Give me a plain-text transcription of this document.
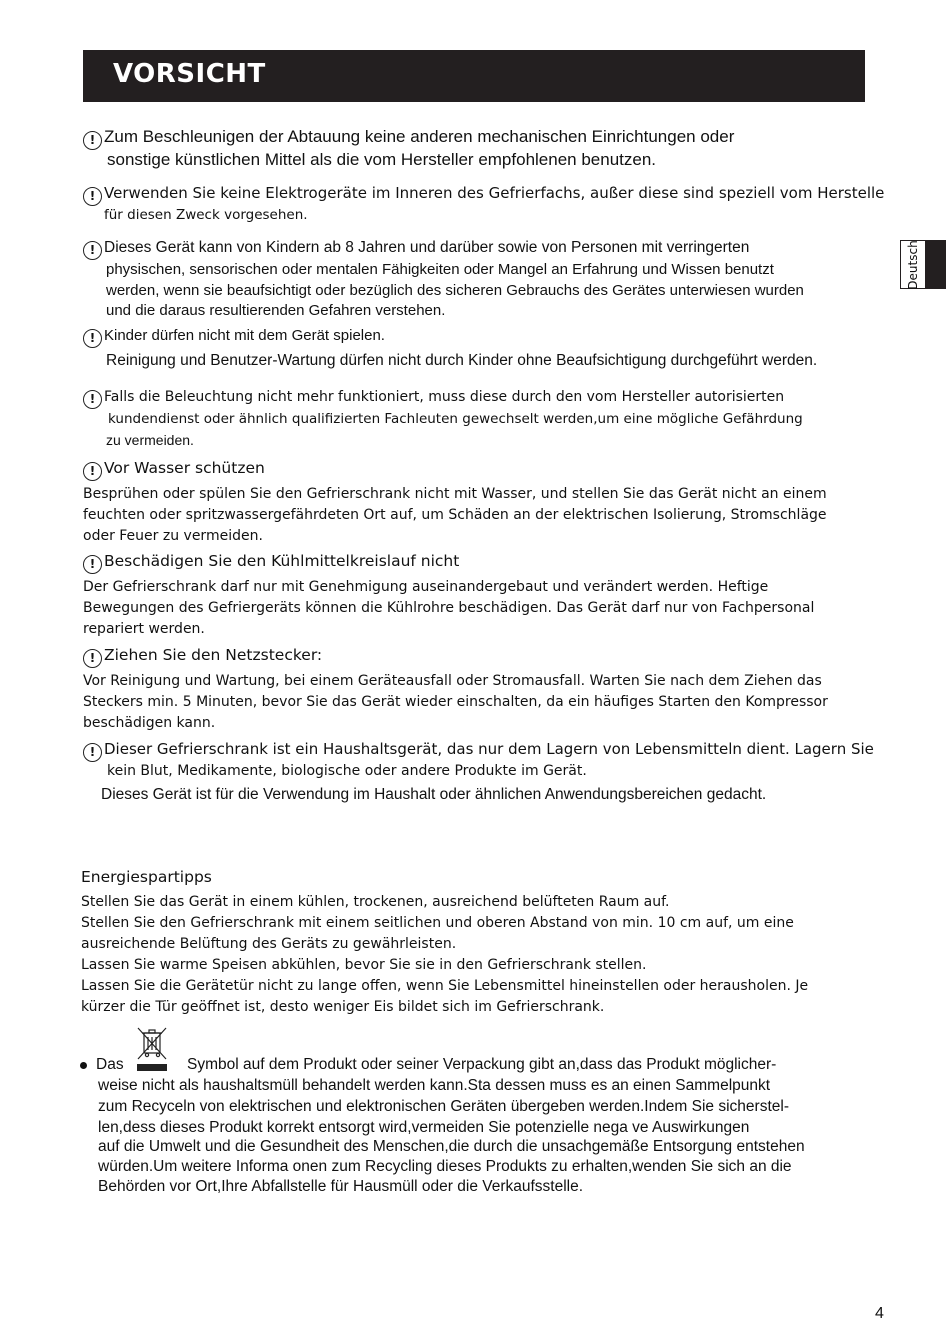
VORSICHT
Deutsch
! Zum Beschleunigen der Abtauung keine anderen mechanischen Einrichtungen oder
sonstige künstlichen Mittel als die vom Hersteller empfohlenen benutzen.
! Verwenden Sie keine Elektrogeräte im Inneren des Gefrierfachs, außer diese sind speziell vom Herstelle
für diesen Zweck vorgesehen.
! Dieses Gerät kann von Kindern ab 8 Jahren und darüber sowie von Personen mit verringerten
physischen, sensorischen oder mentalen Fähigkeiten oder Mangel an Erfahrung und Wissen benutzt
werden, wenn sie beaufsichtigt oder bezüglich des sicheren Gebrauchs des Gerätes unterwiesen wurden
und die daraus resultierenden Gefahren verstehen.
! Kinder dürfen nicht mit dem Gerät spielen.
Reinigung und Benutzer-Wartung dürfen nicht durch Kinder ohne Beaufsichtigung durchgeführt werden.
! Falls die Beleuchtung nicht mehr funktioniert, muss diese durch den vom Hersteller autorisierten
kundendienst oder ähnlich qualifizierten Fachleuten gewechselt werden,um eine mögliche Gefährdung
zu vermeiden.
! Vor Wasser schützen
Besprühen oder spülen Sie den Gefrierschrank nicht mit Wasser, und stellen Sie das Gerät nicht an einem
feuchten oder spritzwassergefährdeten Ort auf, um Schäden an der elektrischen Isolierung, Stromschläge
oder Feuer zu vermeiden.
! Beschädigen Sie den Kühlmittelkreislauf nicht
Der Gefrierschrank darf nur mit Genehmigung auseinandergebaut und verändert werden. Heftige
Bewegungen des Gefriergeräts können die Kühlrohre beschädigen. Das Gerät darf nur von Fachpersonal
repariert werden.
! Ziehen Sie den Netzstecker:
Vor Reinigung und Wartung, bei einem Geräteausfall oder Stromausfall. Warten Sie nach dem Ziehen das
Steckers min. 5 Minuten, bevor Sie das Gerät wieder einschalten, da ein häufiges Starten den Kompressor
beschädigen kann.
! Dieser Gefrierschrank ist ein Haushaltsgerät, das nur dem Lagern von Lebensmitteln dient. Lagern Sie
kein Blut, Medikamente, biologische oder andere Produkte im Gerät.
Dieses Gerät ist für die Verwendung im Haushalt oder ähnlichen Anwendungsbereichen gedacht.
Energiespartipps
Stellen Sie das Gerät in einem kühlen, trockenen, ausreichend belüfteten Raum auf.
Stellen Sie den Gefrierschrank mit einem seitlichen und oberen Abstand von min. 10 cm auf, um eine
ausreichende Belüftung des Geräts zu gewährleisten.
Lassen Sie warme Speisen abkühlen, bevor Sie sie in den Gefrierschrank stellen.
Lassen Sie die Gerätetür nicht zu lange offen, wenn Sie Lebensmittel hineinstellen oder herausholen. Je
kürzer die Tür geöffnet ist, desto weniger Eis bildet sich im Gefrierschrank.
Das	Symbol auf dem Produkt oder seiner Verpackung gibt an,dass das Produkt möglicher-
weise nicht als haushaltsmüll behandelt werden kann.Sta dessen muss es an einen Sammelpunkt
zum Recyceln von elektrischen und elektronischen Geräten übergeben werden.Indem Sie sicherstel-
len,dess dieses Produkt korrekt entsorgt wird,vermeiden Sie potenzielle nega ve Auswirkungen
auf die Umwelt und die Gesundheit des Menschen,die durch die unsachgemäße Entsorgung entstehen
würden.Um weitere Informa onen zum Recycling dieses Produkts zu erhalten,wenden Sie sich an die
Behörden vor Ort,Ihre Abfallstelle für Hausmüll oder die Verkaufsstelle.
4
